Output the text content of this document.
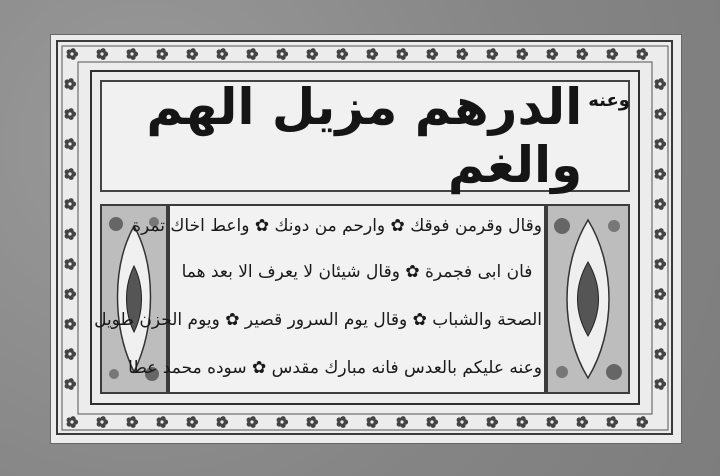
وعنه
الدرهم مزيل الهم والغم
وقال وقرمن فوقك ✿ وارحم من دونك ✿ واعط اخاك تمرة
فان ابى فجمرة ✿ وقال شيئان لا يعرف الا بعد هما
الصحة والشباب ✿ وقال يوم السرور قصير ✿ ويوم الحزن طويل
وعنه عليكم بالعدس فانه مبارك مقدس ✿ سوده محمد عطا
